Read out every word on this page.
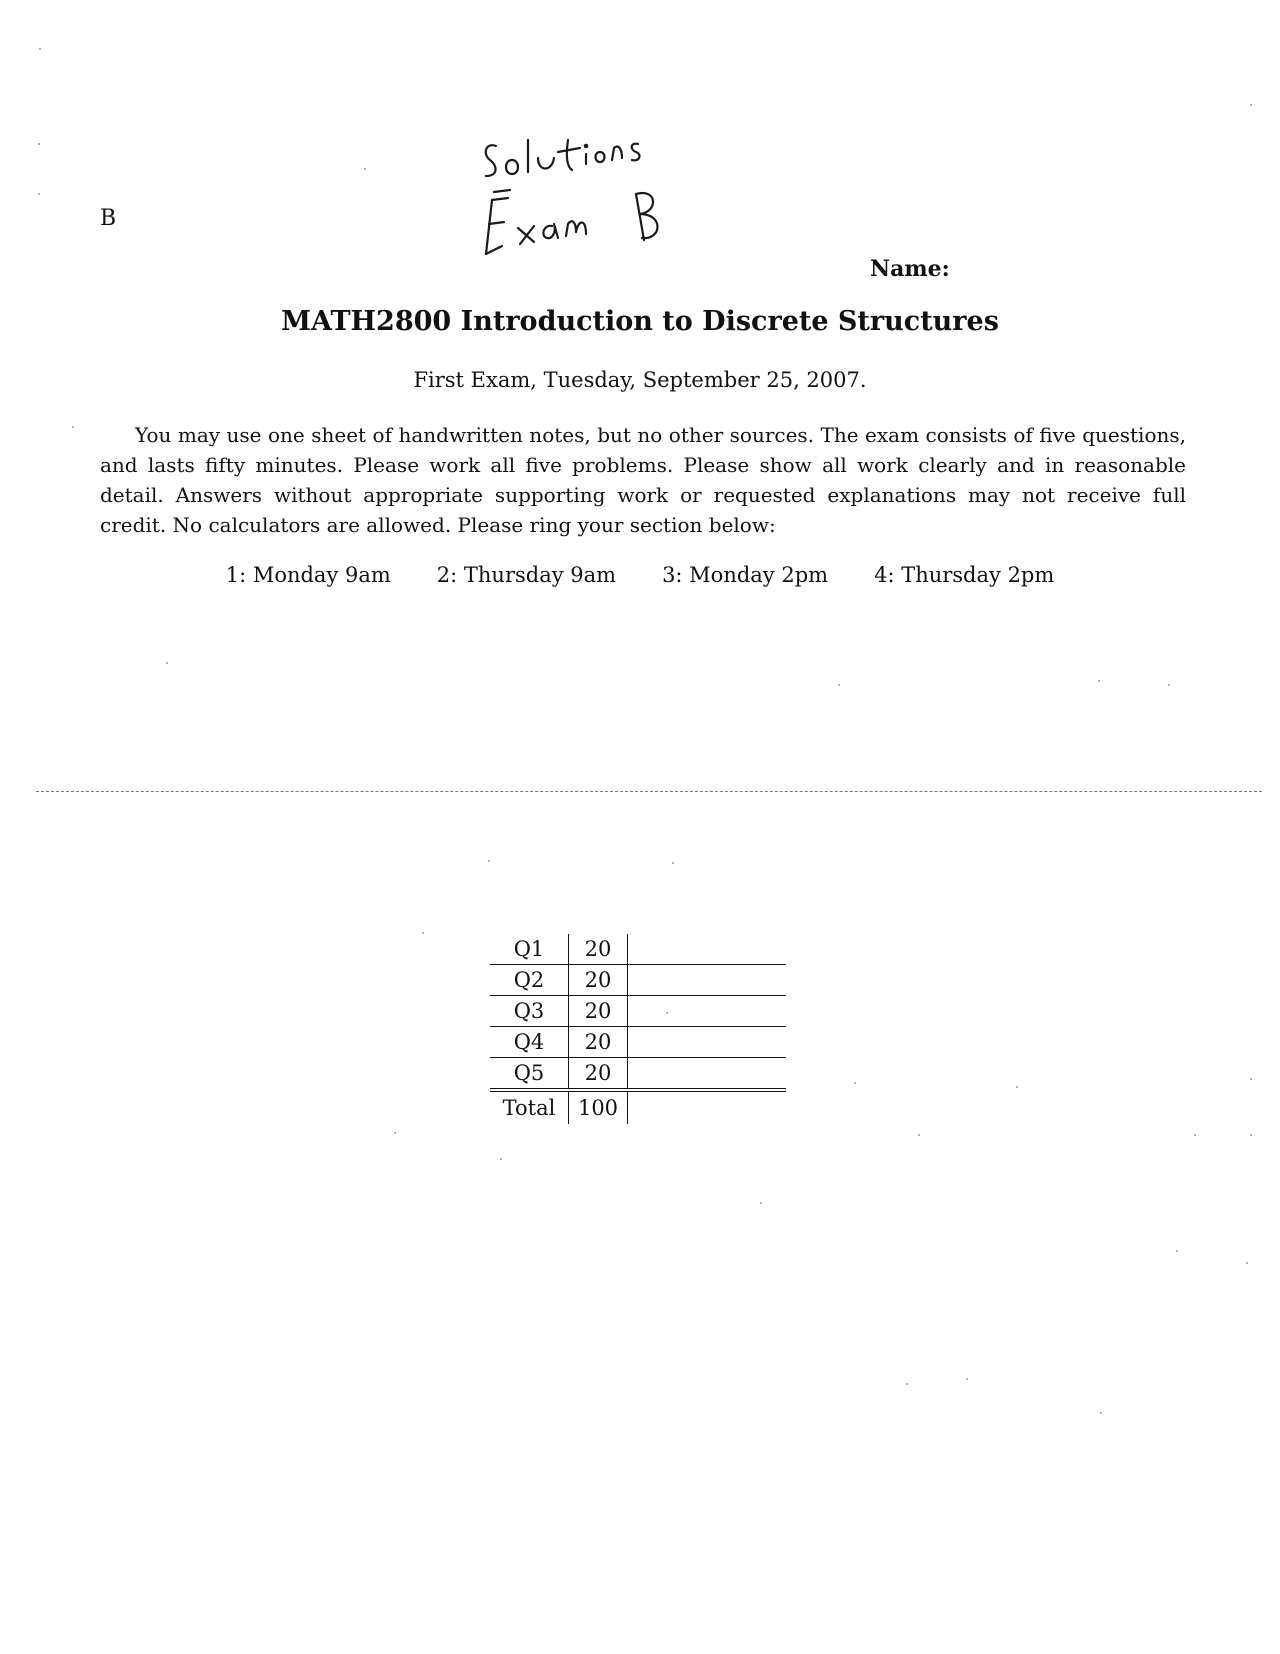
B
Name:
MATH2800 Introduction to Discrete Structures
First Exam, Tuesday, September 25, 2007.
You may use one sheet of handwritten notes, but no other sources. The exam consists of five questions, and lasts fifty minutes. Please work all five problems. Please show all work clearly and in reasonable detail. Answers without appropriate supporting work or requested explanations may not receive full credit. No calculators are allowed. Please ring your section below:
1: Monday 9am 2: Thursday 9am 3: Monday 2pm 4: Thursday 2pm
Q1	20	
Q2	20	
Q3	20	
Q4	20	
Q5	20	
Total	100	
